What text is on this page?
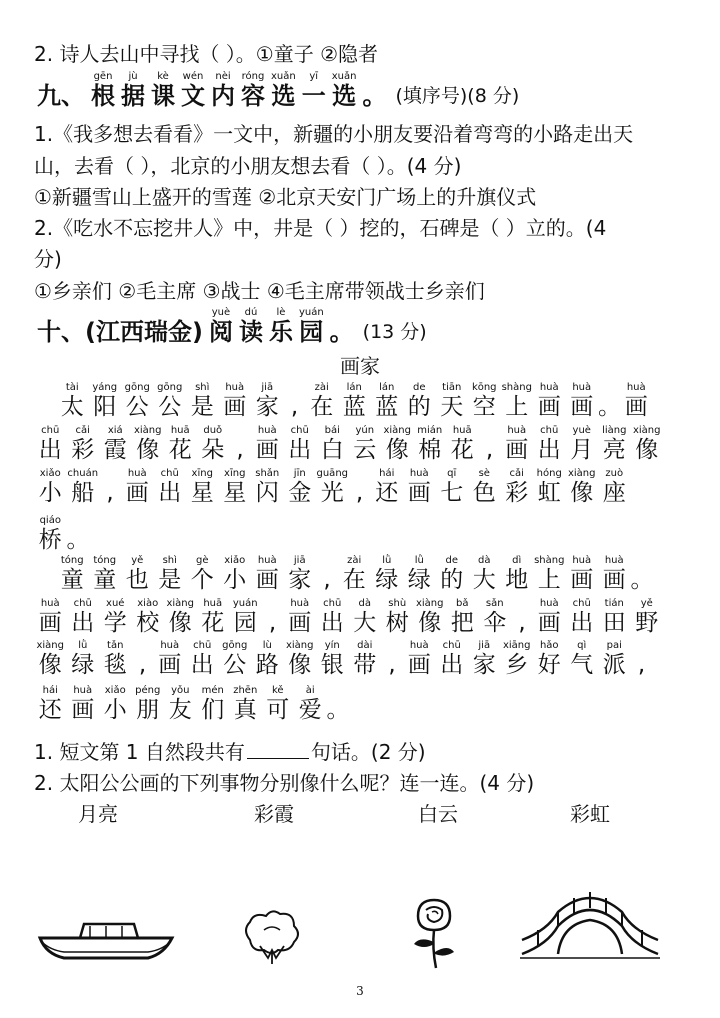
2. 诗人去山中寻找（ ）。①童子 ②隐者
九、
gēn
根
jù
据
kè
课
wén
文
nèi
内
róng
容
xuǎn
选
yī
一
xuǎn
选 。 (填序号)(8 分)
1.《我多想去看看》一文中，新疆的小朋友要沿着弯弯的小路走出天
山，去看（ ），北京的小朋友想去看（ ）。(4 分)
①新疆雪山上盛开的雪莲 ②北京天安门广场上的升旗仪式
2.《吃水不忘挖井人》中，井是（ ）挖的，石碑是（ ）立的。(4
分)
①乡亲们 ②毛主席 ③战士 ④毛主席带领战士乡亲们
十、(江西瑞金)
yuè
阅
dú
读
lè
乐
yuán
园 。 (13 分)
画家

tài
太
yáng
阳
gōng
公
gōng
公
shì
是
huà
画
jiā
家 ,
zài
在
lán
蓝
lán
蓝
de
的
tiān
天
kōng
空
shàng
上
huà
画
huà
画 。
huà
画
chū
出
cǎi
彩
xiá
霞
xiàng
像
huā
花
duǒ
朵 ,
huà
画
chū
出
bái
白
yún
云
xiàng
像
mián
棉
huā
花 ,
huà
画
chū
出
yuè
月
liàng
亮
xiàng
像
xiǎo
小
chuán
船 ,
huà
画
chū
出
xīng
星
xīng
星
shǎn
闪
jīn
金
guāng
光 ,
hái
还
huà
画
qī
七
sè
色
cǎi
彩
hóng
虹
xiàng
像
zuò
座
qiáo
桥 。

tóng
童
tóng
童
yě
也
shì
是
gè
个
xiǎo
小
huà
画
jiā
家 ,
zài
在
lǜ
绿
lǜ
绿
de
的
dà
大
dì
地
shàng
上
huà
画
huà
画 。
huà
画
chū
出
xué
学
xiào
校
xiàng
像
huā
花
yuán
园 ,
huà
画
chū
出
dà
大
shù
树
xiàng
像
bǎ
把
sǎn
伞 ,
huà
画
chū
出
tián
田
yě
野
xiàng
像
lǜ
绿
tǎn
毯 ,
huà
画
chū
出
gōng
公
lù
路
xiàng
像
yín
银
dài
带 ,
huà
画
chū
出
jiā
家
xiāng
乡
hǎo
好
qì
气
pai
派 ,
hái
还
huà
画
xiǎo
小
péng
朋
yǒu
友
mén
们
zhēn
真
kě
可
ài
爱 。
1. 短文第 1 自然段共有	句话。(2 分)
2. 太阳公公画的下列事物分别像什么呢？连一连。(4 分)
月亮	彩霞	白云	彩虹
3
